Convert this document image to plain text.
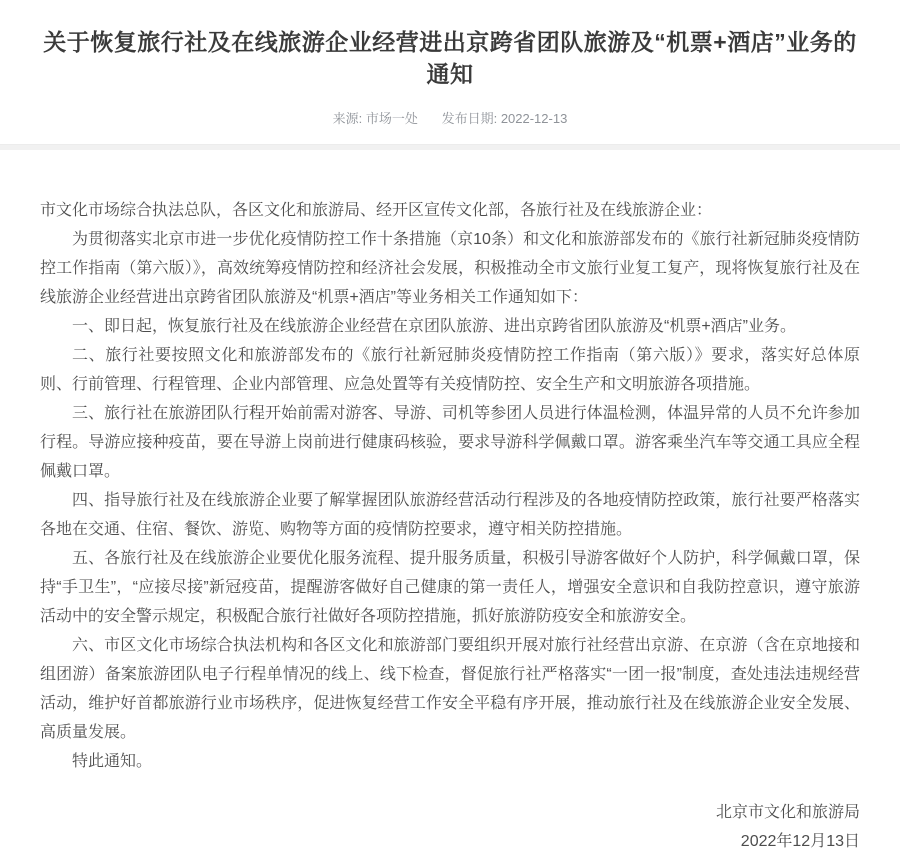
关于恢复旅行社及在线旅游企业经营进出京跨省团队旅游及“机票+酒店”业务的通知
来源: 市场一处 发布日期: 2022-12-13

市文化市场综合执法总队，各区文化和旅游局、经开区宣传文化部，各旅行社及在线旅游企业：

为贯彻落实北京市进一步优化疫情防控工作十条措施（京10条）和文化和旅游部发布的《旅行社新冠肺炎疫情防控工作指南（第六版）》，高效统筹疫情防控和经济社会发展，积极推动全市文旅行业复工复产，现将恢复旅行社及在线旅游企业经营进出京跨省团队旅游及“机票+酒店”等业务相关工作通知如下：

一、即日起，恢复旅行社及在线旅游企业经营在京团队旅游、进出京跨省团队旅游及“机票+酒店”业务。

二、旅行社要按照文化和旅游部发布的《旅行社新冠肺炎疫情防控工作指南（第六版）》要求，落实好总体原则、行前管理、行程管理、企业内部管理、应急处置等有关疫情防控、安全生产和文明旅游各项措施。

三、旅行社在旅游团队行程开始前需对游客、导游、司机等参团人员进行体温检测，体温异常的人员不允许参加行程。导游应接种疫苗，要在导游上岗前进行健康码核验，要求导游科学佩戴口罩。游客乘坐汽车等交通工具应全程佩戴口罩。

四、指导旅行社及在线旅游企业要了解掌握团队旅游经营活动行程涉及的各地疫情防控政策，旅行社要严格落实各地在交通、住宿、餐饮、游览、购物等方面的疫情防控要求，遵守相关防控措施。

五、各旅行社及在线旅游企业要优化服务流程、提升服务质量，积极引导游客做好个人防护，科学佩戴口罩，保持“手卫生”，“应接尽接”新冠疫苗，提醒游客做好自己健康的第一责任人，增强安全意识和自我防控意识，遵守旅游活动中的安全警示规定，积极配合旅行社做好各项防控措施，抓好旅游防疫安全和旅游安全。

六、市区文化市场综合执法机构和各区文化和旅游部门要组织开展对旅行社经营出京游、在京游（含在京地接和组团游）备案旅游团队电子行程单情况的线上、线下检查，督促旅行社严格落实“一团一报”制度，查处违法违规经营活动，维护好首都旅游行业市场秩序，促进恢复经营工作安全平稳有序开展，推动旅行社及在线旅游企业安全发展、高质量发展。

特此通知。

北京市文化和旅游局
2022年12月13日
